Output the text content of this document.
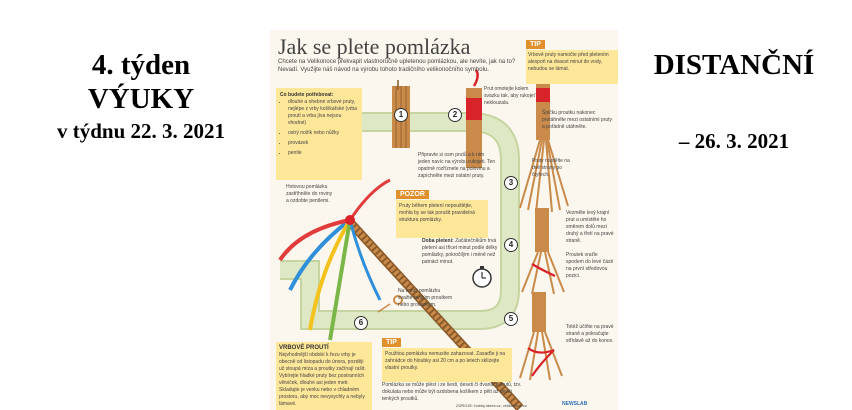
4. týden
VÝUKY
v týdnu 22. 3. 2021
DISTANČNÍ
– 26. 3. 2021
Jak se plete pomlázka
Chcete na Velikonoce překvapit vlastnoručně upletenou pomlázkou, ale nevíte, jak na to? Nevadí. Využijte náš návod na výrobu tohoto tradičního velikonočního symbolu.
TIP
Vrbové pruty namočte před pletením alespoň na dvacet minut do vody, nebudou se lámat.
Co budete potřebovat:
• dlouhé a ohebné vrbové pruty, nejlépe z vrby košíkářské (vrba proutí a vrba jíva nejsou vhodné)
• ostrý nožík nebo nůžky
• provázek
• pentle
1	2
3
4
5
6
Připravte si osm prutů a k nim jeden navíc na výrobu rukojeti. Ten opatrně rozříznete na polovinu a zapíchněte mezi ostatní pruty.
Prut omotejte kolem svazku tak, aby rukojeť neklouzala.
Špičku proutku nakonec protáhněte mezi ostatními pruty a pořádně utáhněte.
Pruty rozdělte na dvě strany po čtyřech.
Vezměte levý krajní prut a umístěte ho směrem dolů mezi druhý a třetí na pravé straně.
Proutek vraťte spodem do levé části na první středovou pozici.
Totéž učiňte na pravé straně a pokračujte střídavě až do konce.
POZOR
Pruty během pletení nepouštějte, mohla by se tak porušit pravidelná struktura pomlázky.
Doba pletení: Začátečníkům trvá pletení asi třicet minut podle délky pomlázky, pokročilým i méně než patnáct minut.
Hotovou pomlázku zastřihněte do roviny a ozdobte pentlemi.
Na konci pomlázku svažte tenkým proutkem nebo provázkem.
VRBOVÉ PROUTÍ
Nejvhodnější období k řezu vrby je obecně od listopadu do února, později už stoupá míza a proutky začínají rašit. Vybírejte hladké pruty bez postranních větviček, dlouhé asi jeden metr. Skladujte je venku nebo v chladném prostoru, aby moc nevysychly a nebyly lámavé.
TIP
Použitou pomlázku nemusíte zahazovat. Zasaďte ji na zahrádce do hloubky asi 20 cm a po letech sklízejte vlastní proutky.
Pomlázka se může plést i ze šesti, deseti či dvanácti prutů, tzv. dokulata nebo může být ozdobena košíkem z pěti až devíti tenkých proutků.
ZDROJE: hobby.idnes.cz, velikonoce.cz	NEWSLAB
